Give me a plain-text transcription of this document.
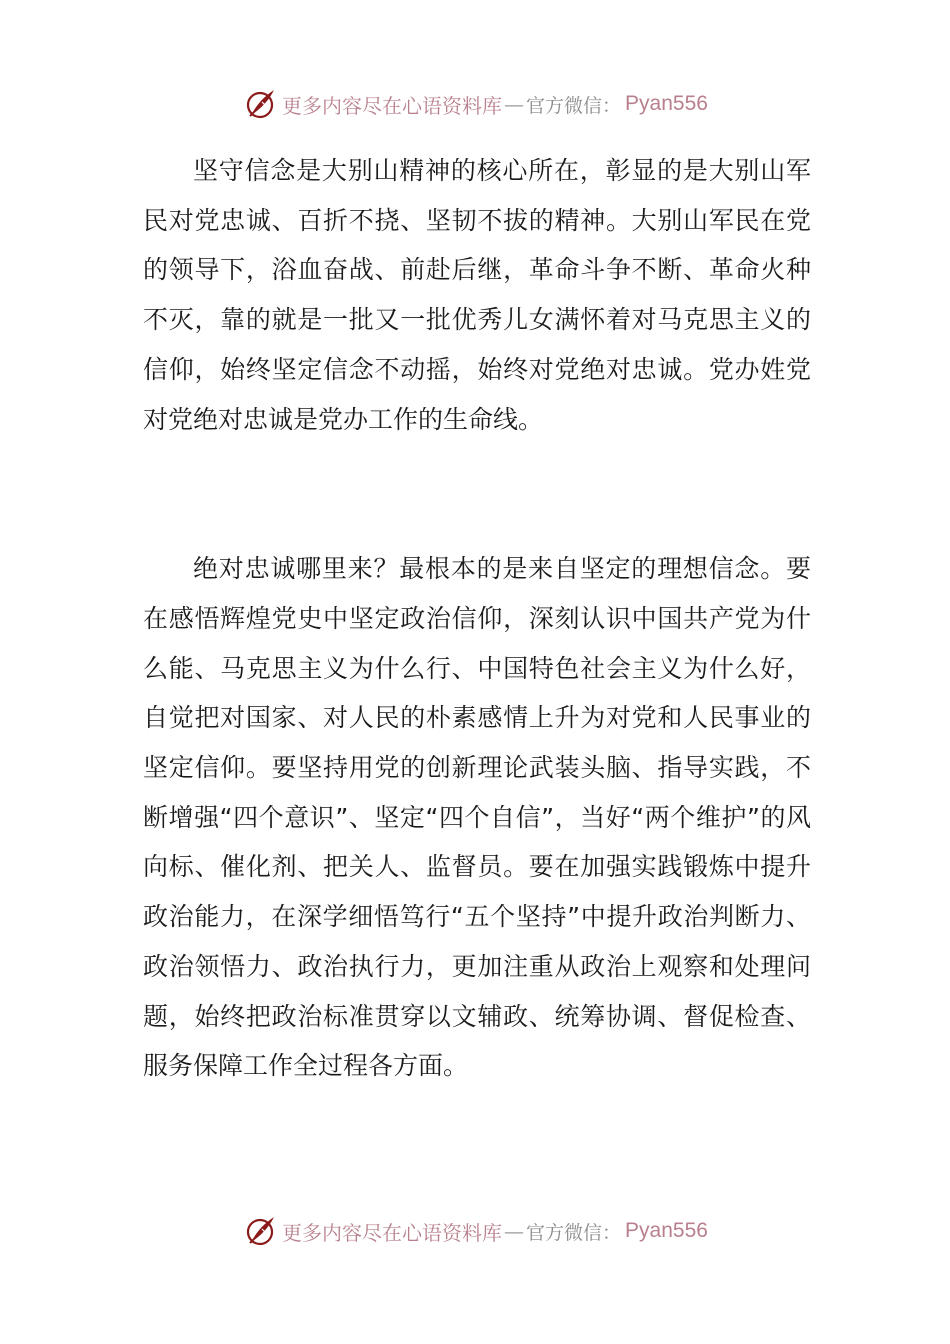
更多内容尽在心语资料库 — 官方微信： Pyan556

坚守信念是大别山精神的核心所在，彰显的是大别山军民对党忠诚、百折不挠、坚韧不拔的精神。大别山军民在党的领导下，浴血奋战、前赴后继，革命斗争不断、革命火种不灭，靠的就是一批又一批优秀儿女满怀着对马克思主义的信仰，始终坚定信念不动摇，始终对党绝对忠诚。党办姓党对党绝对忠诚是党办工作的生命线。

绝对忠诚哪里来？最根本的是来自坚定的理想信念。要在感悟辉煌党史中坚定政治信仰，深刻认识中国共产党为什么能、马克思主义为什么行、中国特色社会主义为什么好，自觉把对国家、对人民的朴素感情上升为对党和人民事业的坚定信仰。要坚持用党的创新理论武装头脑、指导实践，不断增强“四个意识”、坚定“四个自信”，当好“两个维护”的风向标、催化剂、把关人、监督员。要在加强实践锻炼中提升政治能力，在深学细悟笃行“五个坚持”中提升政治判断力、政治领悟力、政治执行力，更加注重从政治上观察和处理问题，始终把政治标准贯穿以文辅政、统筹协调、督促检查、服务保障工作全过程各方面。

更多内容尽在心语资料库 — 官方微信： Pyan556
